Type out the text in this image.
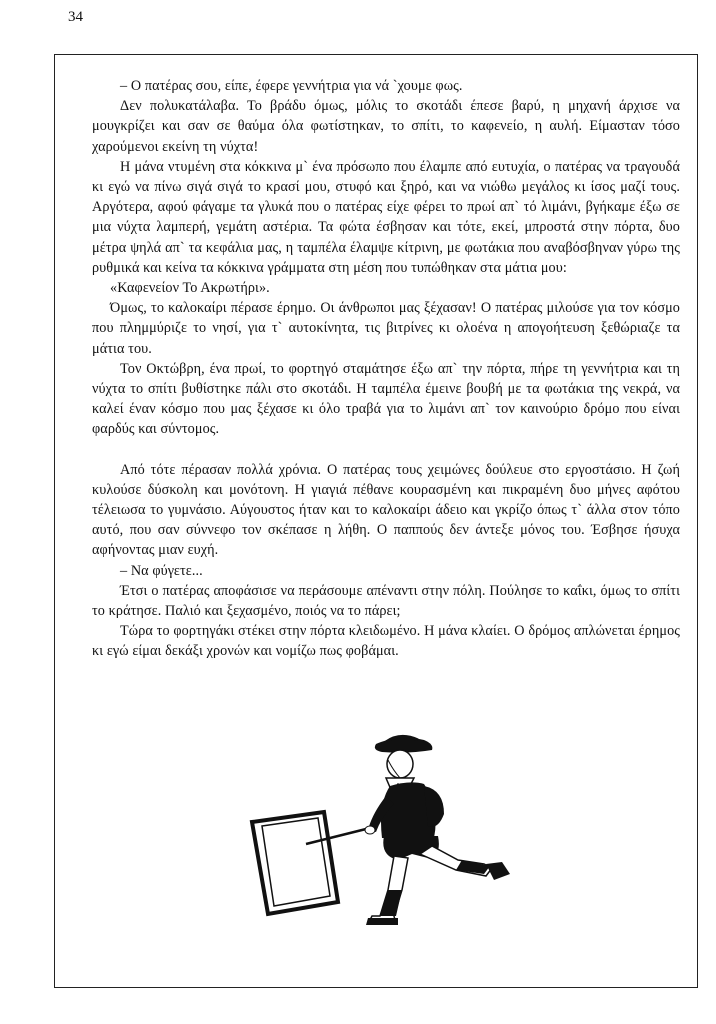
34

– Ο πατέρας σου, είπε, έφερε γεννήτρια για νά `χουμε φως.

Δεν πολυκατάλαβα. Το βράδυ όμως, μόλις το σκοτάδι έπεσε βαρύ, η μηχανή άρχισε να μουγκρίζει και σαν σε θαύμα όλα φωτίστηκαν, το σπίτι, το καφενείο, η αυλή. Είμασταν τόσο χαρούμενοι εκείνη τη νύχτα!

Η μάνα ντυμένη στα κόκκινα μ` ένα πρόσωπο που έλαμπε από ευτυχία, ο πατέρας να τραγουδά κι εγώ να πίνω σιγά σιγά το κρασί μου, στυφό και ξηρό, και να νιώθω μεγάλος κι ίσος μαζί τους. Αργότερα, αφού φάγαμε τα γλυκά που ο πατέρας είχε φέρει το πρωί απ` τό λιμάνι, βγήκαμε έξω σε μια νύχτα λαμπερή, γεμάτη αστέρια. Τα φώτα έσβησαν και τότε, εκεί, μπροστά στην πόρτα, δυο μέτρα ψηλά απ` τα κεφάλια μας, η ταμπέλα έλαμψε κίτρινη, με φωτάκια που αναβόσβηναν γύρω της ρυθμικά και κείνα τα κόκκινα γράμματα στη μέση που τυπώθηκαν στα μάτια μου:

«Καφενείον Το Ακρωτήρι».

Όμως, το καλοκαίρι πέρασε έρημο. Οι άνθρωποι μας ξέχασαν! Ο πατέρας μιλούσε για τον κόσμο που πλημμύριζε το νησί, για τ` αυτοκίνητα, τις βιτρίνες κι ολοένα η απογοήτευση ξεθώριαζε τα μάτια του.

Τον Οκτώβρη, ένα πρωί, το φορτηγό σταμάτησε έξω απ` την πόρτα, πήρε τη γεννήτρια και τη νύχτα το σπίτι βυθίστηκε πάλι στο σκοτάδι. Η ταμπέλα έμεινε βουβή με τα φωτάκια της νεκρά, να καλεί έναν κόσμο που μας ξέχασε κι όλο τραβά για το λιμάνι απ` τον καινούριο δρόμο που είναι φαρδύς και σύντομος.

Από τότε πέρασαν πολλά χρόνια. Ο πατέρας τους χειμώνες δούλευε στο εργοστάσιο. Η ζωή κυλούσε δύσκολη και μονότονη. Η γιαγιά πέθανε κουρασμένη και πικραμένη δυο μήνες αφότου τέλειωσα το γυμνάσιο. Αύγουστος ήταν και το καλοκαίρι άδειο και γκρίζο όπως τ` άλλα στον τόπο αυτό, που σαν σύννεφο τον σκέπασε η λήθη. Ο παππούς δεν άντεξε μόνος του. Έσβησε ήσυχα αφήνοντας μιαν ευχή.

– Να φύγετε...

Έτσι ο πατέρας αποφάσισε να περάσουμε απέναντι στην πόλη. Πούλησε το καΐκι, όμως το σπίτι το κράτησε. Παλιό και ξεχασμένο, ποιός να το πάρει;

Τώρα το φορτηγάκι στέκει στην πόρτα κλειδωμένο. Η μάνα κλαίει. Ο δρόμος απλώνεται έρημος κι εγώ είμαι δεκάξι χρονών και νομίζω πως φοβάμαι.
